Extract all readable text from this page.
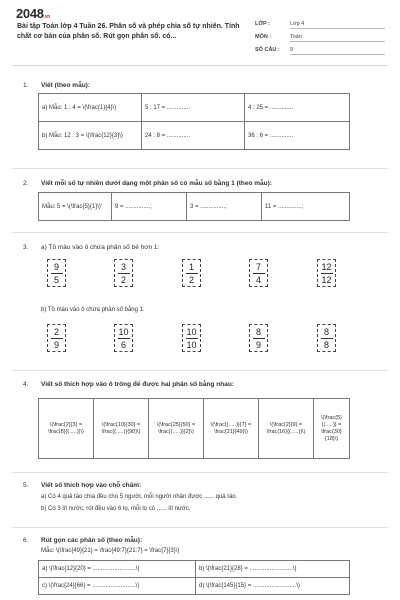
2048.vn
Bài tập Toán lớp 4 Tuần 26. Phân số và phép chia số tự nhiên. Tính chất cơ bản của phân số. Rút gọn phân số. có...
LỚP :	Lớp 4
MÔN :	Toán
SỐ CÂU : 9
1. Viết (theo mẫu):
a) Mẫu: 1 : 4 = \(\frac{1}{4}\)	5 : 17 = ..............	4 : 25 = ..............
b) Mẫu: 12 : 3 = \(\frac{12}{3}\)	24 : 8 = ..............	36 : 6 = ..............
2. Viết mỗi số tự nhiên dưới dạng một phân số có mẫu số bằng 1 (theo mẫu):
Mẫu: 5 = \(\frac{5}{1}\)'	9 = ...............;	3 = ...............;	11 = ..............;
3. a) Tô màu vào ô chứa phân số bé hơn 1:
9
5
3
2
1
2
7
4
12
12
b) Tô màu vào ô chứa phân số bằng 1:
2
9
10
6
10
10
8
9
8
8
4. Viết số thích hợp vào ô trống để được hai phân số bằng nhau:
\(\frac{2}{3} = \frac{8}{(.....)}\)	\(\frac{10}{30} = \frac{(.....)}{90}\)	\(\frac{25}{50} = \frac{(.....)}{2}\)	\(\frac{(.....)}{7} = \frac{21}{49}\)	\(\frac{2}{9} = \frac{16}{(.....)}\)	\(\frac{5}{(.....)} = \frac{30}{18}\)
5. Viết số thích hợp vào chỗ chấm:
a) Có 4 quả táo chia đều cho 5 người, mỗi người nhận được ...... quả táo.
b) Có 3 lít nước, rót đều vào 6 lọ, mỗi lọ có ...... lít nước.
6. Rút gọn các phân số (theo mẫu):
Mẫu: \(\frac{49}{21} = \frac{49:7}{21:7} = \frac{7}{3}\)
a) \(\frac{12}{20} = ..........................\)	b) \(\frac{21}{28} = ..........................\)
c) \(\frac{24}{66} = ..........................\)	d) \(\frac{145}{15} = ..........................\)
